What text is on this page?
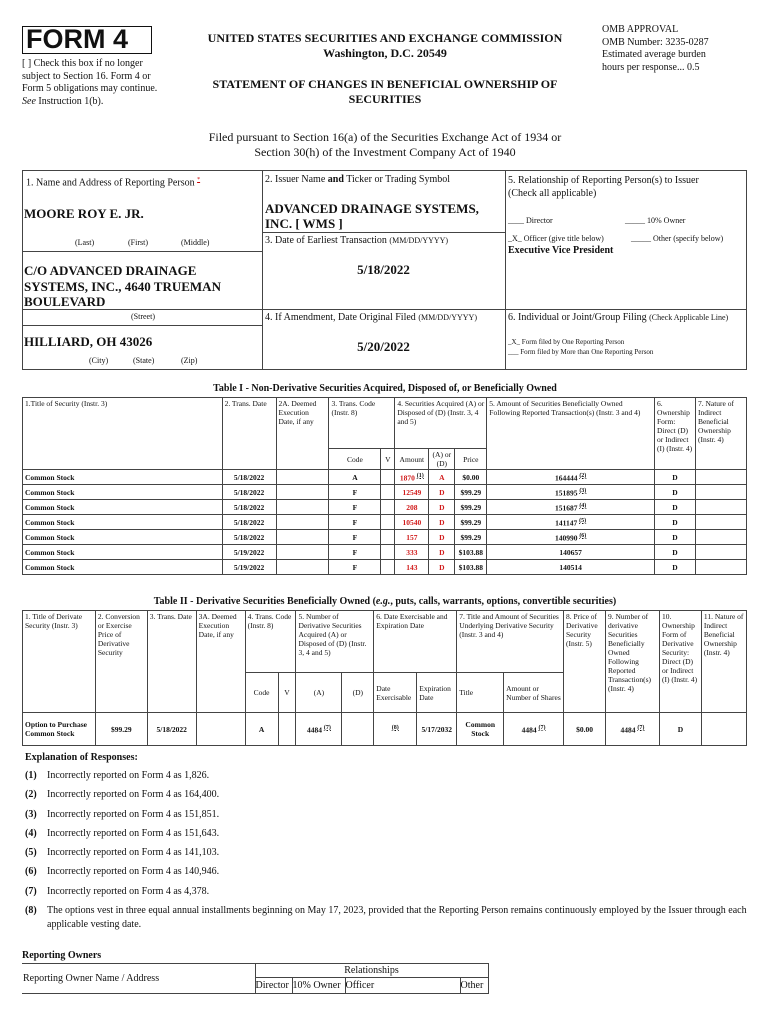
FORM 4
[ ] Check this box if no longer subject to Section 16. Form 4 or Form 5 obligations may continue. See Instruction 1(b).
UNITED STATES SECURITIES AND EXCHANGE COMMISSION
Washington, D.C. 20549
STATEMENT OF CHANGES IN BENEFICIAL OWNERSHIP OF SECURITIES
OMB APPROVAL
OMB Number: 3235-0287
Estimated average burden
hours per response... 0.5
Filed pursuant to Section 16(a) of the Securities Exchange Act of 1934 or
Section 30(h) of the Investment Company Act of 1940
1. Name and Address of Reporting Person *
MOORE ROY E. JR.
(Last)	(First)	(Middle)
C/O ADVANCED DRAINAGE SYSTEMS, INC., 4640 TRUEMAN BOULEVARD
(Street)
HILLIARD, OH 43026
(City)	(State)	(Zip)
2. Issuer Name and Ticker or Trading Symbol
ADVANCED DRAINAGE SYSTEMS, INC. [ WMS ]
3. Date of Earliest Transaction (MM/DD/YYYY)
5/18/2022
4. If Amendment, Date Original Filed (MM/DD/YYYY)
5/20/2022
5. Relationship of Reporting Person(s) to Issuer
(Check all applicable)
____ Director	_____ 10% Owner
_X_ Officer (give title below)	_____ Other (specify below)
Executive Vice President
6. Individual or Joint/Group Filing (Check Applicable Line)
_X_ Form filed by One Reporting Person
___ Form filed by More than One Reporting Person
Table I - Non-Derivative Securities Acquired, Disposed of, or Beneficially Owned
1.Title of Security (Instr. 3)	2. Trans. Date	2A. Deemed Execution Date, if any	3. Trans. Code (Instr. 8)		4. Securities Acquired (A) or Disposed of (D) (Instr. 3, 4 and 5)			5. Amount of Securities Beneficially Owned Following Reported Transaction(s) (Instr. 3 and 4)	6. Ownership Form: Direct (D) or Indirect (I) (Instr. 4)	7. Nature of Indirect Beneficial Ownership (Instr. 4)
			Code	V	Amount	(A) or (D)	Price			
Common Stock	5/18/2022		A		1870 $^{(1)}$	A	$0.00	164444 $^{(2)}$	D	
Common Stock	5/18/2022		F		12549	D	$99.29	151895 $^{(3)}$	D	
Common Stock	5/18/2022		F		208	D	$99.29	151687 $^{(4)}$	D	
Common Stock	5/18/2022		F		10540	D	$99.29	141147 $^{(5)}$	D	
Common Stock	5/18/2022		F		157	D	$99.29	140990 $^{(6)}$	D	
Common Stock	5/19/2022		F		333	D	$103.88	140657	D	
Common Stock	5/19/2022		F		143	D	$103.88	140514	D	
Table II - Derivative Securities Beneficially Owned (e.g., puts, calls, warrants, options, convertible securities)
1. Title of Derivate Security (Instr. 3)	2. Conversion or Exercise Price of Derivative Security	3. Trans. Date	3A. Deemed Execution Date, if any	4. Trans. Code (Instr. 8)		5. Number of Derivative Securities Acquired (A) or Disposed of (D) (Instr. 3, 4 and 5)		6. Date Exercisable and Expiration Date		7. Title and Amount of Securities Underlying Derivative Security (Instr. 3 and 4)		8. Price of Derivative Security (Instr. 5)	9. Number of derivative Securities Beneficially Owned Following Reported Transaction(s) (Instr. 4)	10. Ownership Form of Derivative Security: Direct (D) or Indirect (I) (Instr. 4)	11. Nature of Indirect Beneficial Ownership (Instr. 4)
				Code	V	(A)	(D)	Date Exercisable	Expiration Date	Title	Amount or Number of Shares				
Option to Purchase Common Stock	$99.29	5/18/2022		A		4484 $^{(7)}$		$^{(8)}$	5/17/2032	Common Stock	4484 $^{(7)}$	$0.00	4484 $^{(7)}$	D	
Explanation of Responses:
(1)	Incorrectly reported on Form 4 as 1,826.
(2)	Incorrectly reported on Form 4 as 164,400.
(3)	Incorrectly reported on Form 4 as 151,851.
(4)	Incorrectly reported on Form 4 as 151,643.
(5)	Incorrectly reported on Form 4 as 141,103.
(6)	Incorrectly reported on Form 4 as 140,946.
(7)	Incorrectly reported on Form 4 as 4,378.
(8)	The options vest in three equal annual installments beginning on May 17, 2023, provided that the Reporting Person remains continuously employed by the Issuer through each applicable vesting date.
Reporting Owners
Reporting Owner Name / Address	Relationships			
	Director	10% Owner	Officer	Other
